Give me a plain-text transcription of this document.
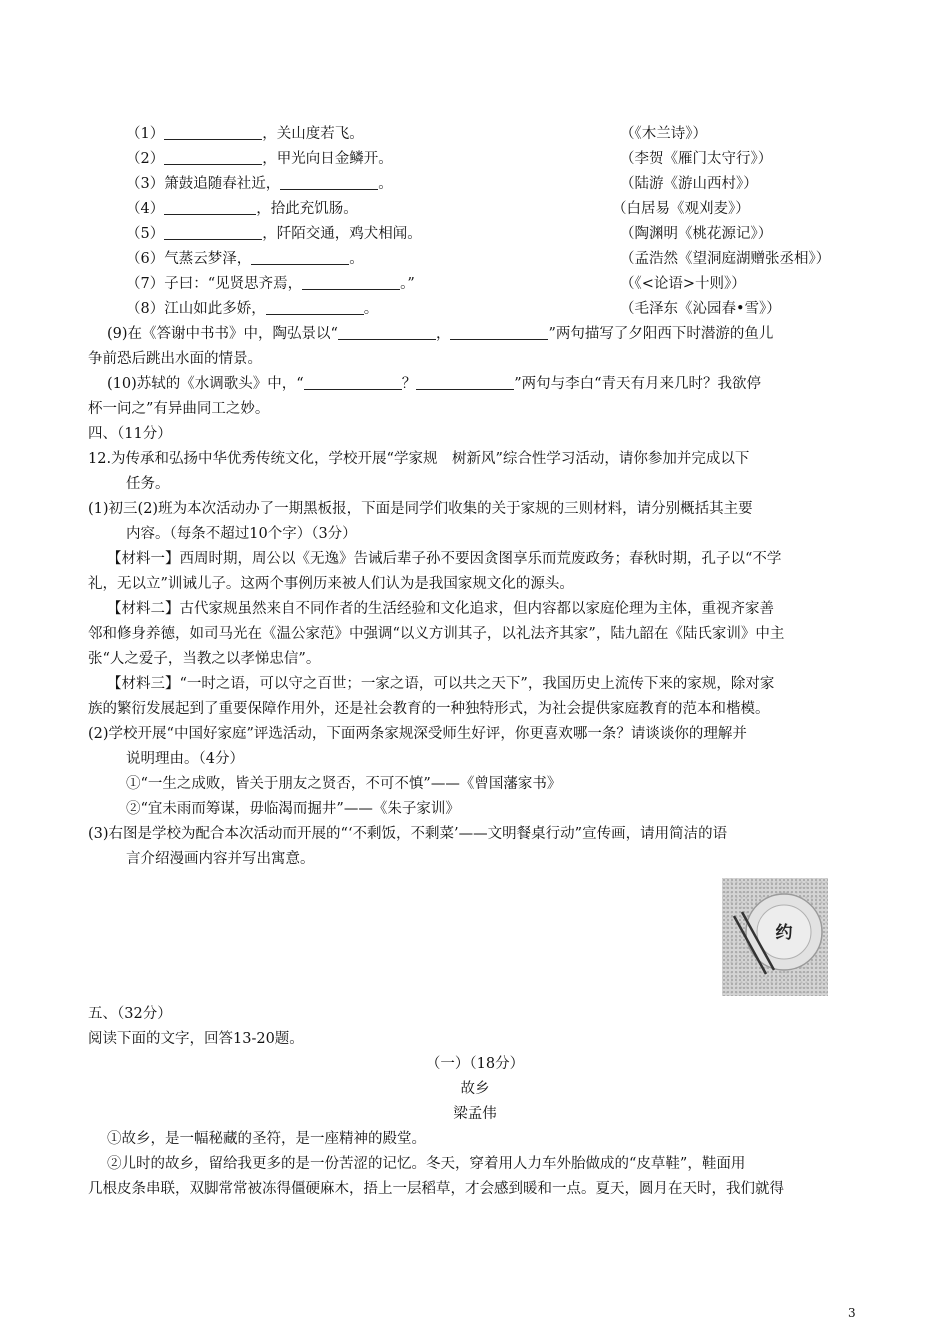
（1）	，关山度若飞。	（《木兰诗》）
（2）	，甲光向日金鳞开。	（李贺《雁门太守行》）
（3）箫鼓追随春社近，	。	（陆游《游山西村》）
（4）	，拾此充饥肠。	（白居易《观刈麦》）
（5）	，阡陌交通，鸡犬相闻。	（陶渊明《桃花源记》）
（6）气蒸云梦泽，	。	（孟浩然《望洞庭湖赠张丞相》）
（7）子曰：“见贤思齐焉，	。”	（《<论语>十则》）
（8）江山如此多娇，	。	（毛泽东《沁园春•雪》）
(9)在《答谢中书书》中，陶弘景以“	，	”两句描写了夕阳西下时潜游的鱼儿
争前恐后跳出水面的情景。
(10)苏轼的《水调歌头》中，“	？	”两句与李白“青天有月来几时？我欲停
杯一问之”有异曲同工之妙。
四、（11分）
12.为传承和弘扬中华优秀传统文化，学校开展“学家规　树新风”综合性学习活动，请你参加并完成以下
任务。
(1)初三(2)班为本次活动办了一期黑板报，下面是同学们收集的关于家规的三则材料，请分别概括其主要
内容。（每条不超过10个字）（3分）
【材料一】西周时期，周公以《无逸》告诫后辈子孙不要因贪图享乐而荒废政务；春秋时期，孔子以“不学
礼，无以立”训诫儿子。这两个事例历来被人们认为是我国家规文化的源头。
【材料二】古代家规虽然来自不同作者的生活经验和文化追求，但内容都以家庭伦理为主体，重视齐家善
邻和修身养德，如司马光在《温公家范》中强调“以义方训其子，以礼法齐其家”，陆九韶在《陆氏家训》中主
张“人之爱子，当教之以孝悌忠信”。
【材料三】“一时之语，可以守之百世；一家之语，可以共之天下”，我国历史上流传下来的家规，除对家
族的繁衍发展起到了重要保障作用外，还是社会教育的一种独特形式，为社会提供家庭教育的范本和楷模。
(2)学校开展“中国好家庭”评选活动，下面两条家规深受师生好评，你更喜欢哪一条？请谈谈你的理解并
说明理由。（4分）
①“一生之成败，皆关于朋友之贤否，不可不慎”——《曾国藩家书》
②“宜未雨而筹谋，毋临渴而掘井”——《朱子家训》
(3)右图是学校为配合本次活动而开展的“‘不剩饭，不剩菜’——文明餐桌行动”宣传画，请用简洁的语
言介绍漫画内容并写出寓意。
约
五、（32分）
阅读下面的文字，回答13-20题。
（一）（18分）
故乡
梁孟伟
①故乡，是一幅秘藏的圣符，是一座精神的殿堂。
②儿时的故乡，留给我更多的是一份苦涩的记忆。冬天，穿着用人力车外胎做成的“皮草鞋”，鞋面用
几根皮条串联，双脚常常被冻得僵硬麻木，捂上一层稻草，才会感到暖和一点。夏天，圆月在天时，我们就得
3
